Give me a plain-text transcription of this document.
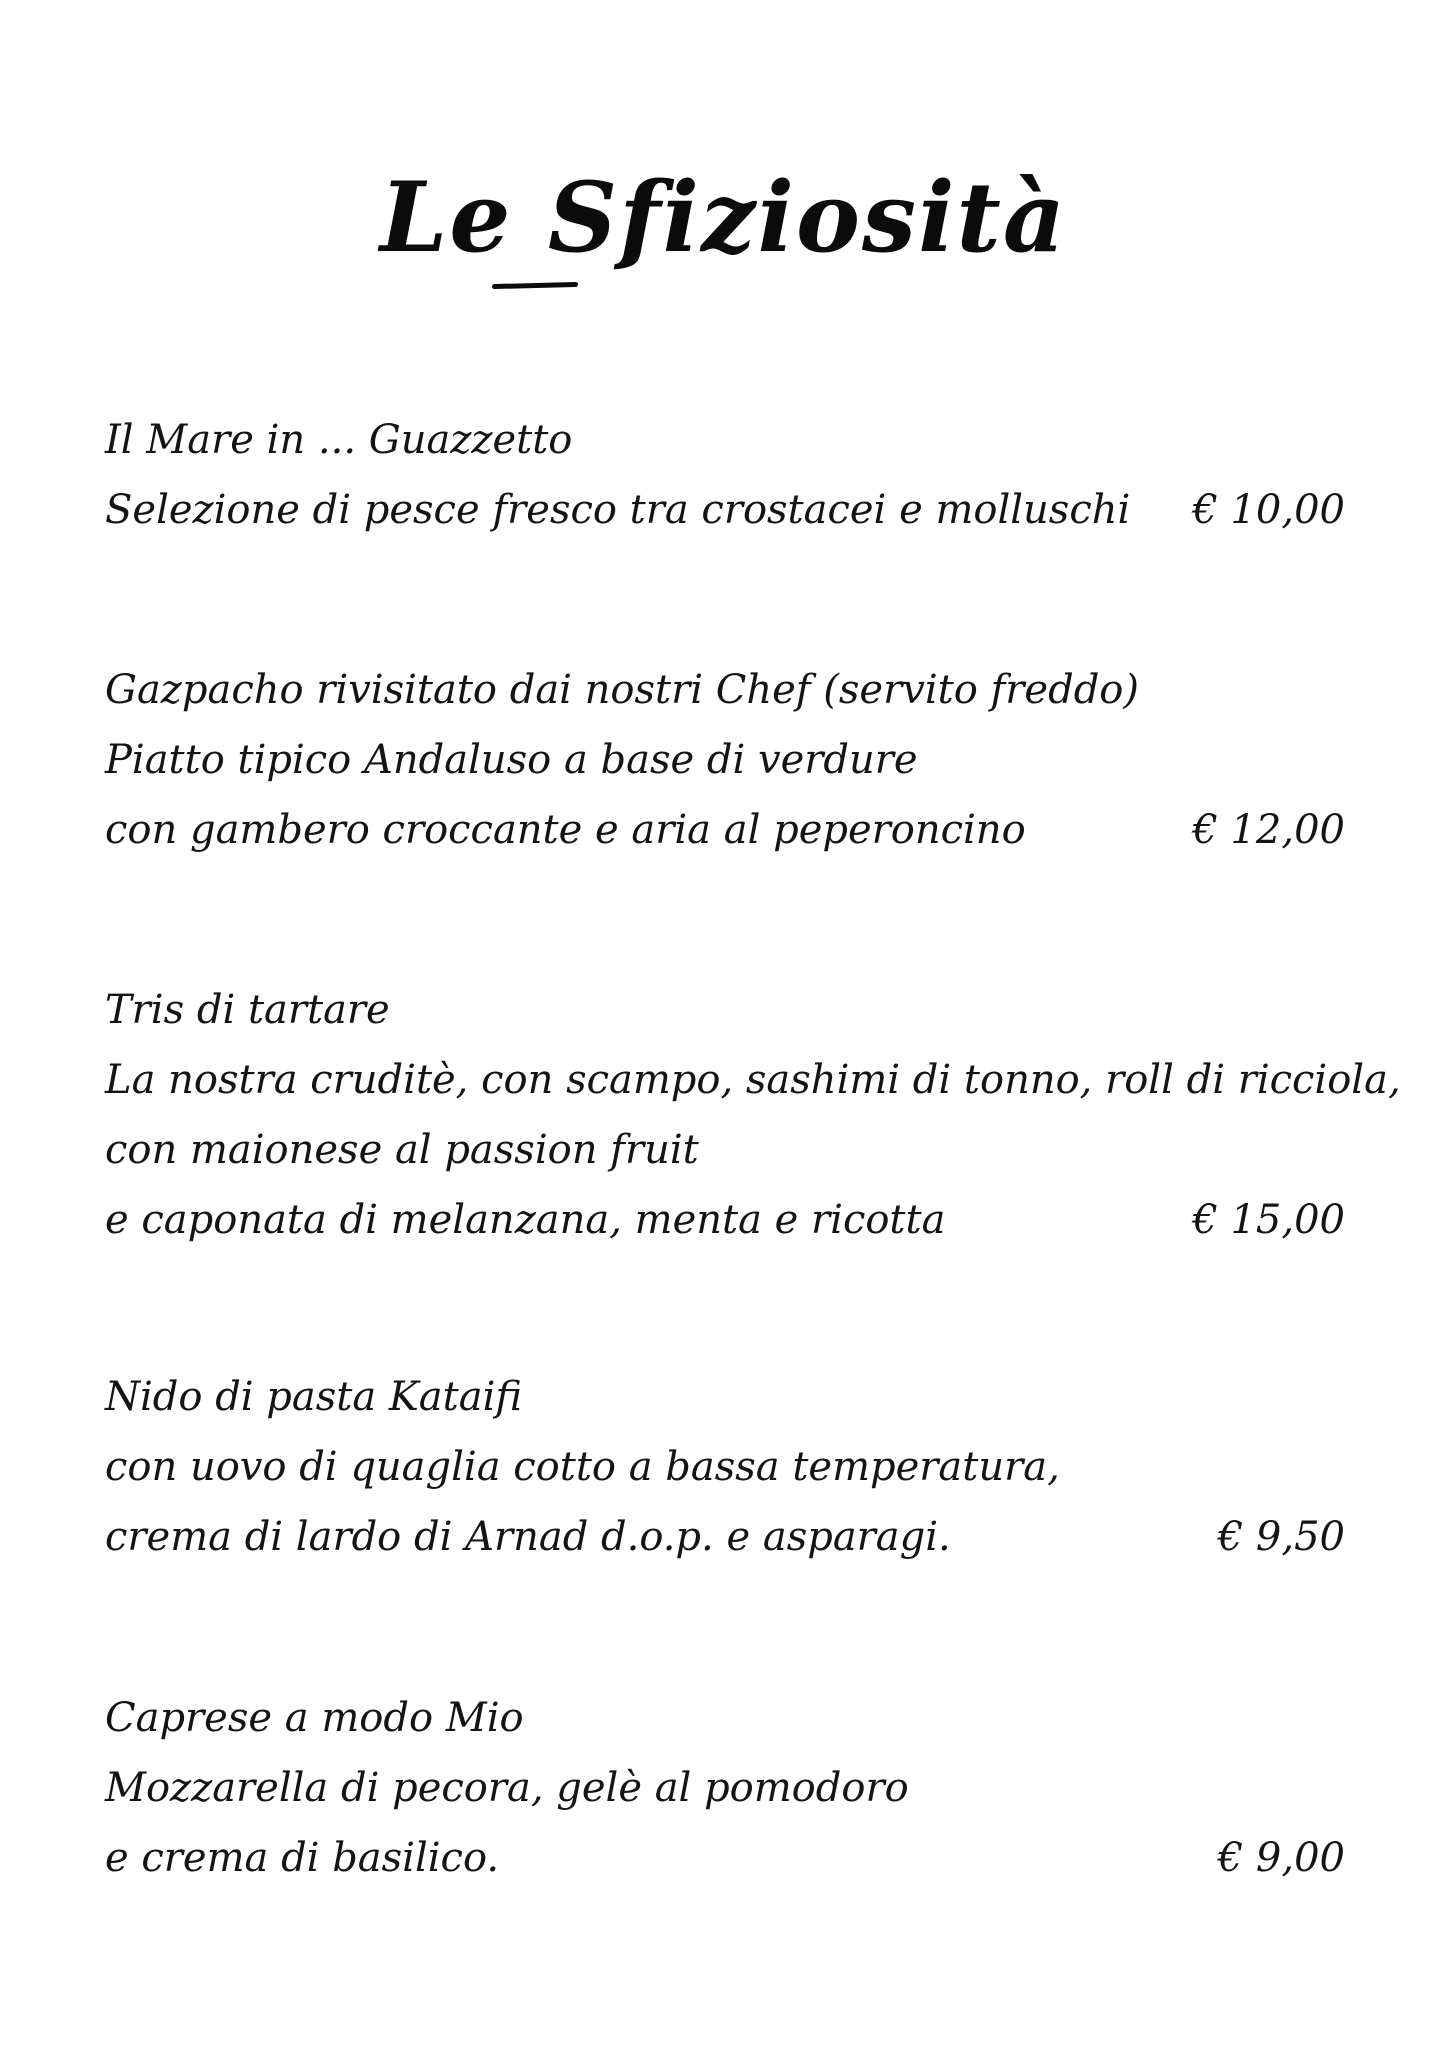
Le Sfiziosità
Il Mare in ... Guazzetto
Selezione di pesce fresco tra crostacei e molluschi € 10,00
Gazpacho rivisitato dai nostri Chef (servito freddo)
Piatto tipico Andaluso a base di verdure
con gambero croccante e aria al peperoncino	€ 12,00
Tris di tartare
La nostra cruditè, con scampo, sashimi di tonno, roll di ricciola,
con maionese al passion fruit
e caponata di melanzana, menta e ricotta	€ 15,00
Nido di pasta Kataifi
con uovo di quaglia cotto a bassa temperatura,
crema di lardo di Arnad d.o.p. e asparagi.	€ 9,50
Caprese a modo Mio
Mozzarella di pecora, gelè al pomodoro
e crema di basilico.	€ 9,00
